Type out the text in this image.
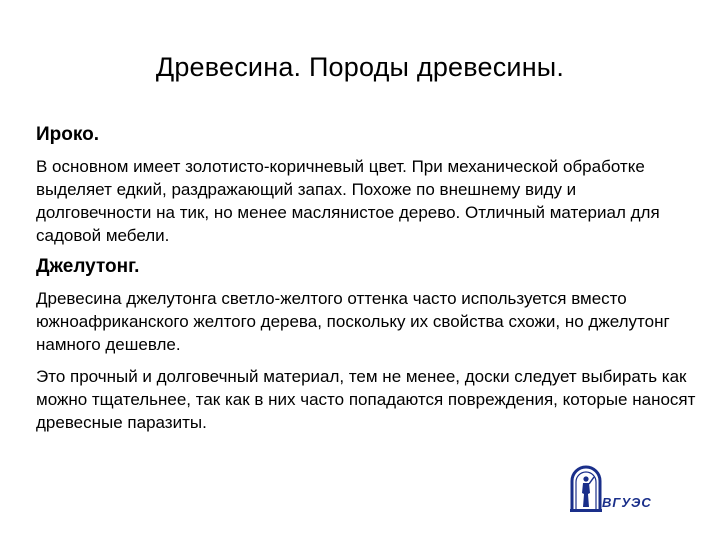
Древесина. Породы древесины.
Ироко.

В основном имеет золотисто-коричневый цвет. При механической обработке выделяет едкий, раздражающий запах. Похоже по внешнему виду и долговечности на тик, но менее маслянистое дерево. Отличный материал для садовой мебели.

Джелутонг.

Древесина джелутонга светло-желтого оттенка часто используется вместо южноафриканского желтого дерева, поскольку их свойства схожи, но джелутонг намного дешевле.

Это прочный и долговечный материал, тем не менее, доски следует выбирать как можно тщательнее, так как в них часто попадаются повреждения, которые наносят древесные паразиты.

ВГУЭС
